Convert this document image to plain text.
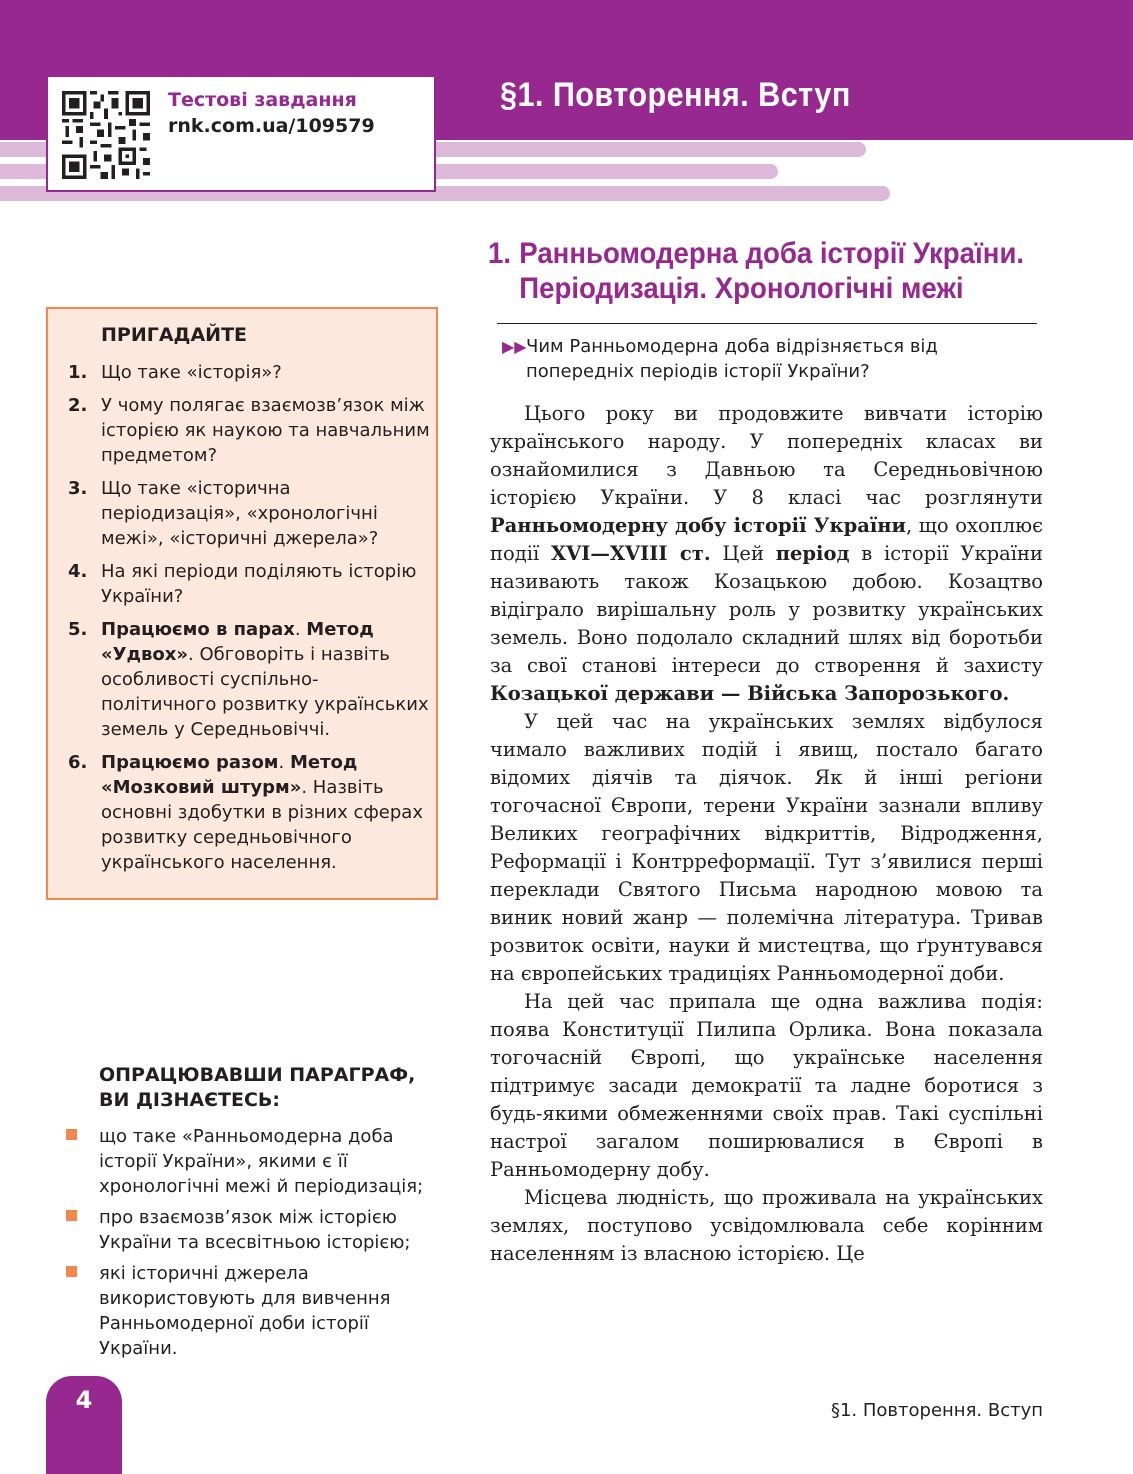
Тестові завдання
rnk.com.ua/109579
§1. Повторення. Вступ
1. Ранньомодерна доба історії України.
Періодизація. Хронологічні межі
▶▶ Чим Ранньомодерна доба відрізняється від попередніх періодів історії України?
ПРИГАДАЙТЕ
1. Що таке «історія»?
2. У чому полягає взаємозв’язок між історією як наукою та навчальним предметом?
3. Що таке «історична періодизація», «хронологічні межі», «історичні джерела»?
4. На які періоди поділяють історію України?
5. Працюємо в парах. Метод «Удвох». Обговоріть і назвіть особливості суспільно-політичного розвитку українських земель у Середньовіччі.
6. Працюємо разом. Метод «Мозковий штурм». Назвіть основні здобутки в різних сферах розвитку середньовічного українського населення.
ОПРАЦЮВАВШИ ПАРАГРАФ, ВИ ДІЗНАЄТЕСЬ:
що таке «Ранньомодерна доба історії України», якими є її хронологічні межі й періодизація;
про взаємозв’язок між історією України та всесвітньою історією;
які історичні джерела використовують для вивчення Ранньомодерної доби історії України.

Цього року ви продовжите вивчати історію українського народу. У попередніх класах ви ознайомилися з Давньою та Середньовічною історією України. У 8 класі час розглянути Ранньомодерну добу історії України, що охоплює події XVI—XVIII ст. Цей період в історії України називають також Козацькою добою. Козацтво відіграло вирішальну роль у розвитку українських земель. Воно подолало складний шлях від боротьби за свої станові інтереси до створення й захисту Козацької держави — Війська Запорозького.

У цей час на українських землях відбулося чимало важливих подій і явищ, постало багато відомих діячів та діячок. Як й інші регіони тогочасної Європи, терени України зазнали впливу Великих географічних відкриттів, Відродження, Реформації і Контрреформації. Тут з’явилися перші переклади Святого Письма народною мовою та виник новий жанр — полемічна література. Тривав розвиток освіти, науки й мистецтва, що ґрунтувався на європейських традиціях Ранньомодерної доби.

На цей час припала ще одна важлива подія: поява Конституції Пилипа Орлика. Вона показала тогочасній Європі, що українське населення підтримує засади демократії та ладне боротися з будь-якими обмеженнями своїх прав. Такі суспільні настрої загалом поширювалися в Європі в Ранньомодерну добу.

Місцева людність, що проживала на українських землях, поступово усвідомлювала себе корінним населенням із власною історією. Це

4	§1. Повторення. Вступ
